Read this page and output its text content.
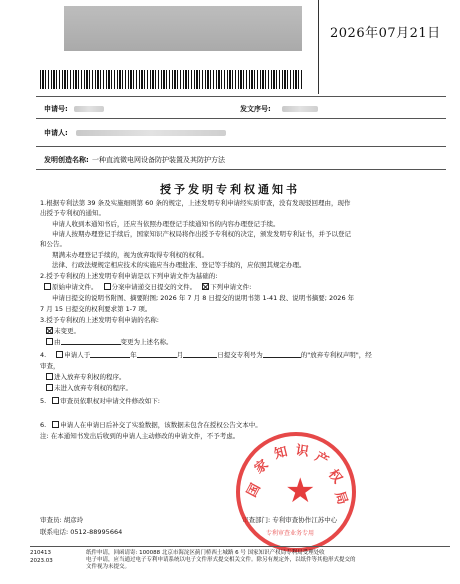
2026年07月21日
申请号:	发文序号:
申请人:
发明创造名称: 一种直流微电网设备防护装置及其防护方法
授予发明专利权通知书
1.根据专利法第 39 条及实施细则第 60 条的规定，上述发明专利申请经实质审查，没有发现驳回理由，现作
出授予专利权的通知。
申请人收到本通知书后，还应当依照办理登记手续通知书的内容办理登记手续。
申请人按期办理登记手续后，国家知识产权局将作出授予专利权的决定，颁发发明专利证书，并予以登记
和公告。
期满未办理登记手续的，视为放弃取得专利权的权利。
法律、行政法规规定相应技术的实施应当办理批准、登记等手续的，应依照其规定办理。
2.授予专利权的上述发明专利申请是以下列申请文件为基础的:
原始申请文件。 分案申请递交日提交的文件。 下列申请文件:
申请日提交的说明书附图、摘要附图; 2026 年 7 月 8 日提交的说明书第 1-41 段、说明书摘要; 2026 年
7 月 15 日提交的权利要求第 1-7 项。
3.授予专利权的上述发明专利申请的名称:
未变更。
由	变更为上述名称。
4.	申请人于	年	月	日提交专利号为	的"放弃专利权声明"，经
审查，
进入放弃专利权的程序。
未进入放弃专利权的程序。
5. 审查员依职权对申请文件修改如下:
6. 申请人在申请日后补交了实验数据，该数据未包含在授权公告文本中。
注: 在本通知书发出后收到的申请人主动修改的申请文件，不予考虑。
审查员: 胡彦玲
联系电话: 0512-88995664
审查部门: 专利审查协作江苏中心
国
家
知 识 产
权
局
★
专利审查业务专用
210413
2023.03
纸件申请，回函请寄: 100088 北京市海淀区蓟门桥西土城路 6 号 国家知识产权局专利局受理处收
电子申请，应当通过电子专利申请系统以电子文件形式提交相关文件。除另有规定外，以纸件等其他形式提交的
文件视为未提交。
